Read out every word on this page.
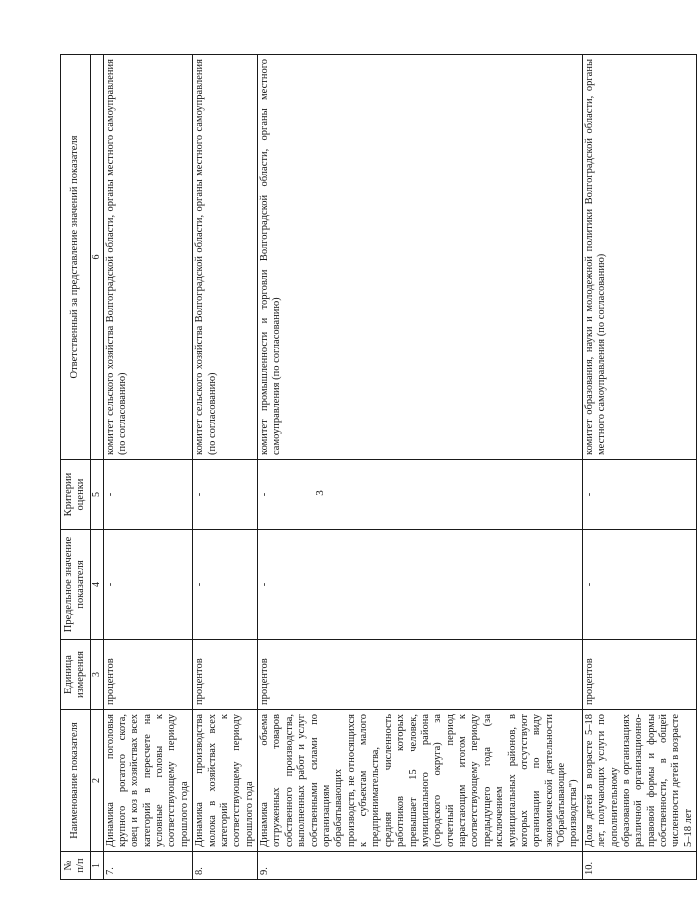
3
№ п/п	Наименование показателя	Единица измерения	Предельное значение показателя	Критерии оценки	Ответственный за представление значений показателя
1	2	3	4	5	6
7.	Динамика поголовья крупного рогатого скота, овец и коз в хозяйствах всех категорий в пересчете на условные головы к соответствующему периоду прошлого года	процентов	-	-	комитет сельского хозяйства Волгоградской области, органы местного самоуправления (по согласованию)
8.	Динамика производства молока в хозяйствах всех категорий к соответствующему периоду прошлого года	процентов	-	-	комитет сельского хозяйства Волгоградской области, органы местного самоуправления (по согласованию)
9.	Динамика объема отгруженных товаров собственного производства, выполненных работ и услуг собственными силами по организациям обрабатывающих производств, не относящихся к субъектам малого предпринимательства, средняя численность работников которых превышает 15 человек, муниципального района (городского округа) за отчетный период нарастающим итогом к соответствующему периоду предыдущего года (за исключением муниципальных районов, в которых отсутствуют организации по виду экономической деятельности "Обрабатывающие производства")	процентов	-	-	комитет промышленности и торговли Волгоградской области, органы местного самоуправления (по согласованию)
10.	Доля детей в возрасте 5–18 лет, получающих услуги по дополнительному образованию в организациях различной организационно-правовой формы и формы собственности, в общей численности детей в возрасте 5–18 лет	процентов	-	-	комитет образования, науки и молодежной политики Волгоградской области, органы местного самоуправления (по согласованию)
